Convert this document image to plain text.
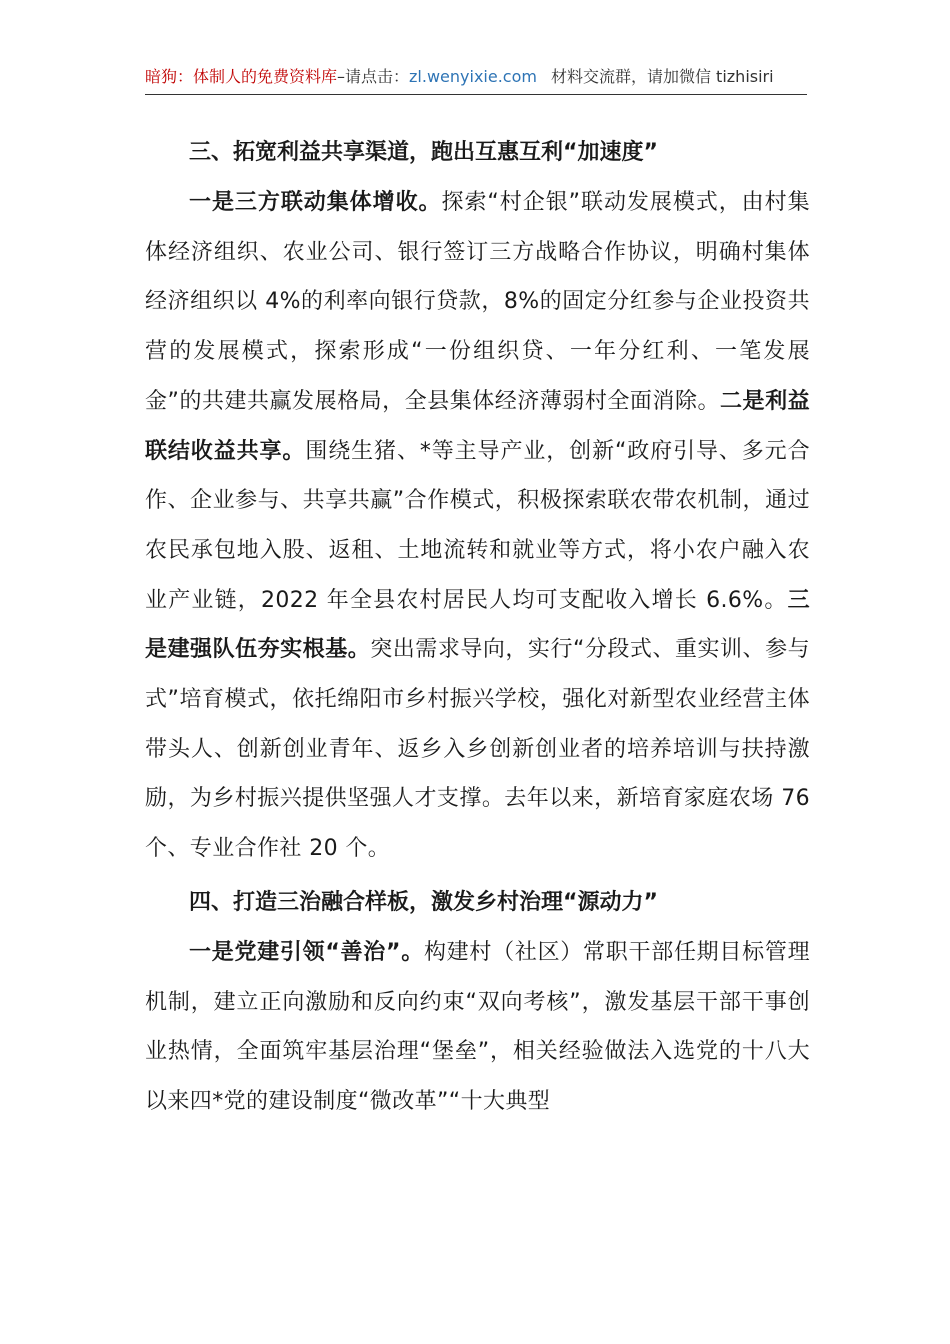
暗狗：体制人的免费资料库–请点击：zl.wenyixie.com 材料交流群，请加微信 tizhisiri

三、拓宽利益共享渠道，跑出互惠互利“加速度”

一是三方联动集体增收。探索“村企银”联动发展模式，由村集体经济组织、农业公司、银行签订三方战略合作协议，明确村集体经济组织以 4%的利率向银行贷款，8%的固定分红参与企业投资共营的发展模式，探索形成“一份组织贷、一年分红利、一笔发展金”的共建共赢发展格局，全县集体经济薄弱村全面消除。二是利益联结收益共享。围绕生猪、*等主导产业，创新“政府引导、多元合作、企业参与、共享共赢”合作模式，积极探索联农带农机制，通过农民承包地入股、返租、土地流转和就业等方式，将小农户融入农业产业链，2022 年全县农村居民人均可支配收入增长 6.6%。三是建强队伍夯实根基。突出需求导向，实行“分段式、重实训、参与式”培育模式，依托绵阳市乡村振兴学校，强化对新型农业经营主体带头人、创新创业青年、返乡入乡创新创业者的培养培训与扶持激励，为乡村振兴提供坚强人才支撑。去年以来，新培育家庭农场 76 个、专业合作社 20 个。

四、打造三治融合样板，激发乡村治理“源动力”

一是党建引领“善治”。构建村（社区）常职干部任期目标管理机制，建立正向激励和反向约束“双向考核”，激发基层干部干事创业热情，全面筑牢基层治理“堡垒”，相关经验做法入选党的十八大以来四*党的建设制度“微改革”“十大典型
